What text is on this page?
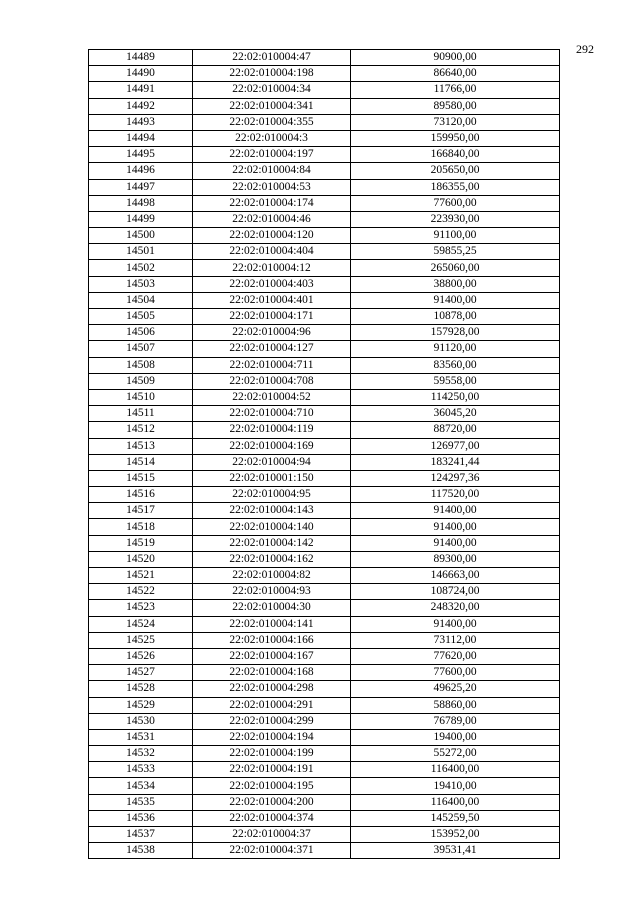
292
14489	22:02:010004:47	90900,00
14490	22:02:010004:198	86640,00
14491	22:02:010004:34	11766,00
14492	22:02:010004:341	89580,00
14493	22:02:010004:355	73120,00
14494	22:02:010004:3	159950,00
14495	22:02:010004:197	166840,00
14496	22:02:010004:84	205650,00
14497	22:02:010004:53	186355,00
14498	22:02:010004:174	77600,00
14499	22:02:010004:46	223930,00
14500	22:02:010004:120	91100,00
14501	22:02:010004:404	59855,25
14502	22:02:010004:12	265060,00
14503	22:02:010004:403	38800,00
14504	22:02:010004:401	91400,00
14505	22:02:010004:171	10878,00
14506	22:02:010004:96	157928,00
14507	22:02:010004:127	91120,00
14508	22:02:010004:711	83560,00
14509	22:02:010004:708	59558,00
14510	22:02:010004:52	114250,00
14511	22:02:010004:710	36045,20
14512	22:02:010004:119	88720,00
14513	22:02:010004:169	126977,00
14514	22:02:010004:94	183241,44
14515	22:02:010001:150	124297,36
14516	22:02:010004:95	117520,00
14517	22:02:010004:143	91400,00
14518	22:02:010004:140	91400,00
14519	22:02:010004:142	91400,00
14520	22:02:010004:162	89300,00
14521	22:02:010004:82	146663,00
14522	22:02:010004:93	108724,00
14523	22:02:010004:30	248320,00
14524	22:02:010004:141	91400,00
14525	22:02:010004:166	73112,00
14526	22:02:010004:167	77620,00
14527	22:02:010004:168	77600,00
14528	22:02:010004:298	49625,20
14529	22:02:010004:291	58860,00
14530	22:02:010004:299	76789,00
14531	22:02:010004:194	19400,00
14532	22:02:010004:199	55272,00
14533	22:02:010004:191	116400,00
14534	22:02:010004:195	19410,00
14535	22:02:010004:200	116400,00
14536	22:02:010004:374	145259,50
14537	22:02:010004:37	153952,00
14538	22:02:010004:371	39531,41
